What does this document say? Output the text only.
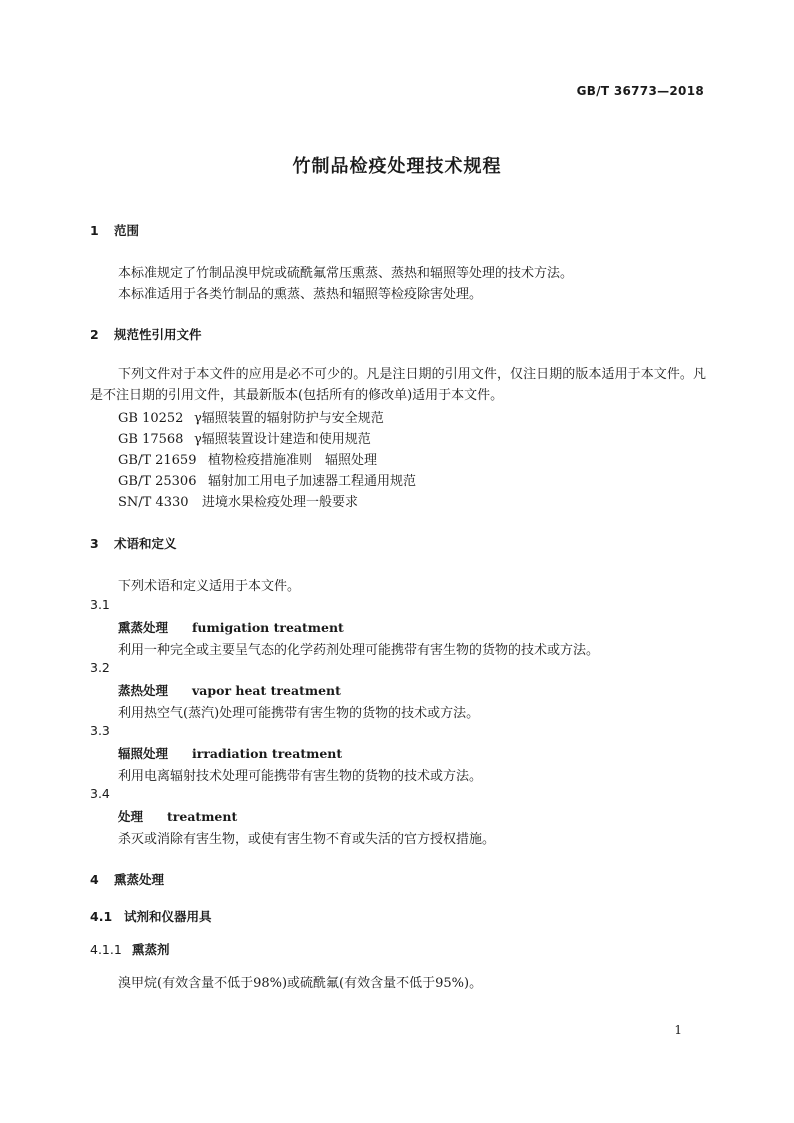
GB/T 36773—2018
竹制品检疫处理技术规程
1 范围
本标准规定了竹制品溴甲烷或硫酰氟常压熏蒸、蒸热和辐照等处理的技术方法。
本标准适用于各类竹制品的熏蒸、蒸热和辐照等检疫除害处理。
2 规范性引用文件
下列文件对于本文件的应用是必不可少的。凡是注日期的引用文件，仅注日期的版本适用于本文件。凡是不注日期的引用文件，其最新版本(包括所有的修改单)适用于本文件。
GB 10252 γ辐照装置的辐射防护与安全规范
GB 17568 γ辐照装置设计建造和使用规范
GB/T 21659 植物检疫措施准则　辐照处理
GB/T 25306 辐射加工用电子加速器工程通用规范
SN/T 4330 进境水果检疫处理一般要求
3 术语和定义
下列术语和定义适用于本文件。
3.1
熏蒸处理 fumigation treatment
利用一种完全或主要呈气态的化学药剂处理可能携带有害生物的货物的技术或方法。
3.2
蒸热处理 vapor heat treatment
利用热空气(蒸汽)处理可能携带有害生物的货物的技术或方法。
3.3
辐照处理 irradiation treatment
利用电离辐射技术处理可能携带有害生物的货物的技术或方法。
3.4
处理 treatment
杀灭或消除有害生物，或使有害生物不育或失活的官方授权措施。
4 熏蒸处理
4.1 试剂和仪器用具
4.1.1 熏蒸剂
溴甲烷(有效含量不低于98%)或硫酰氟(有效含量不低于95%)。
1
